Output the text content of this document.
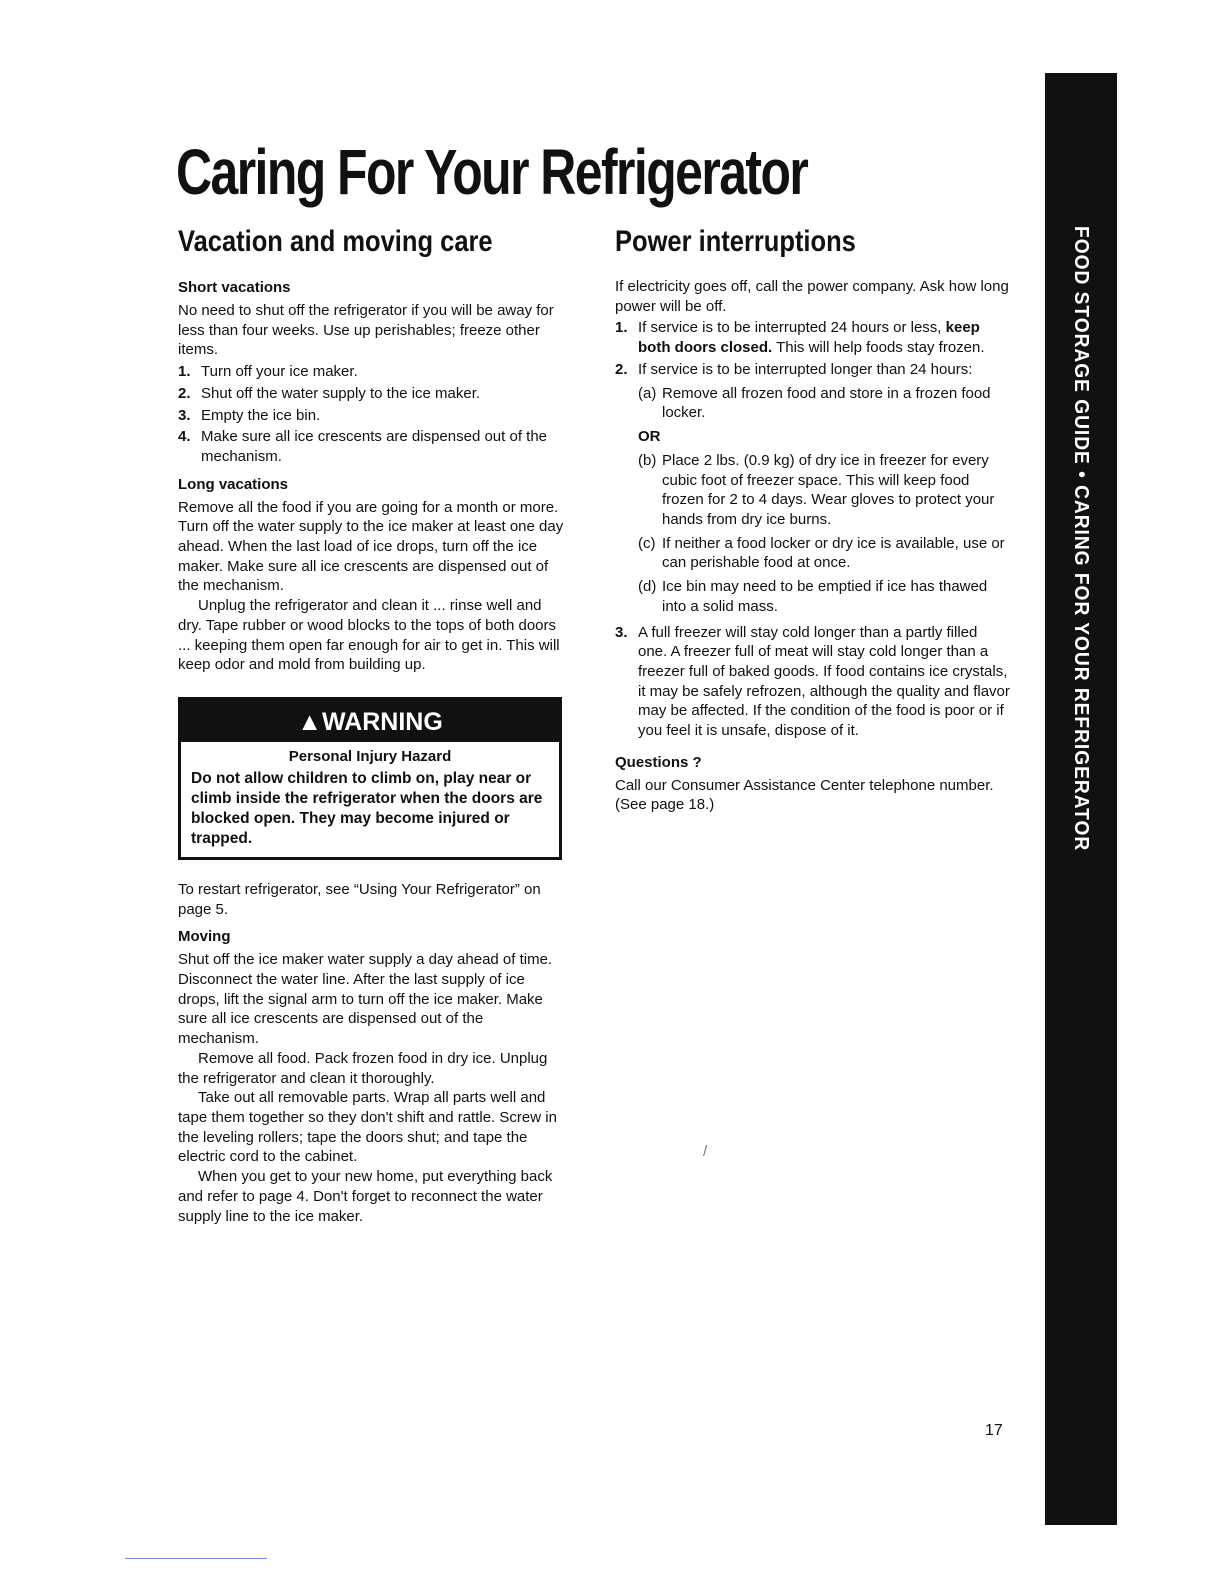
Caring For Your Refrigerator
FOOD STORAGE GUIDE • CARING FOR YOUR REFRIGERATOR
Vacation and moving care
Short vacations

No need to shut off the refrigerator if you will be away for less than four weeks. Use up perishables; freeze other items.

1. Turn off your ice maker.
2. Shut off the water supply to the ice maker.
3. Empty the ice bin.
4. Make sure all ice crescents are dispensed out of the mechanism.
Long vacations

Remove all the food if you are going for a month or more. Turn off the water supply to the ice maker at least one day ahead. When the last load of ice drops, turn off the ice maker. Make sure all ice crescents are dispensed out of the mechanism.

Unplug the refrigerator and clean it ... rinse well and dry. Tape rubber or wood blocks to the tops of both doors ... keeping them open far enough for air to get in. This will keep odor and mold from building up.

▲WARNING
Personal Injury Hazard

Do not allow children to climb on, play near or climb inside the refrigerator when the doors are blocked open. They may become injured or trapped.

To restart refrigerator, see “Using Your Refrigerator” on page 5.

Moving

Shut off the ice maker water supply a day ahead of time. Disconnect the water line. After the last supply of ice drops, lift the signal arm to turn off the ice maker. Make sure all ice crescents are dispensed out of the mechanism.

Remove all food. Pack frozen food in dry ice. Unplug the refrigerator and clean it thoroughly.

Take out all removable parts. Wrap all parts well and tape them together so they don't shift and rattle. Screw in the leveling rollers; tape the doors shut; and tape the electric cord to the cabinet.

When you get to your new home, put everything back and refer to page 4. Don't forget to reconnect the water supply line to the ice maker.

Power interruptions

If electricity goes off, call the power company. Ask how long power will be off.

1. If service is to be interrupted 24 hours or less, keep both doors closed. This will help foods stay frozen.
2. If service is to be interrupted longer than 24 hours:
(a) Remove all frozen food and store in a frozen food locker.
OR
(b) Place 2 lbs. (0.9 kg) of dry ice in freezer for every cubic foot of freezer space. This will keep food frozen for 2 to 4 days. Wear gloves to protect your hands from dry ice burns.
(c) If neither a food locker or dry ice is available, use or can perishable food at once.
(d) Ice bin may need to be emptied if ice has thawed into a solid mass.
3. A full freezer will stay cold longer than a partly filled one. A freezer full of meat will stay cold longer than a freezer full of baked goods. If food contains ice crystals, it may be safely refrozen, although the quality and flavor may be affected. If the condition of the food is poor or if you feel it is unsafe, dispose of it.
Questions ?

Call our Consumer Assistance Center telephone number. (See page 18.)

/
17
